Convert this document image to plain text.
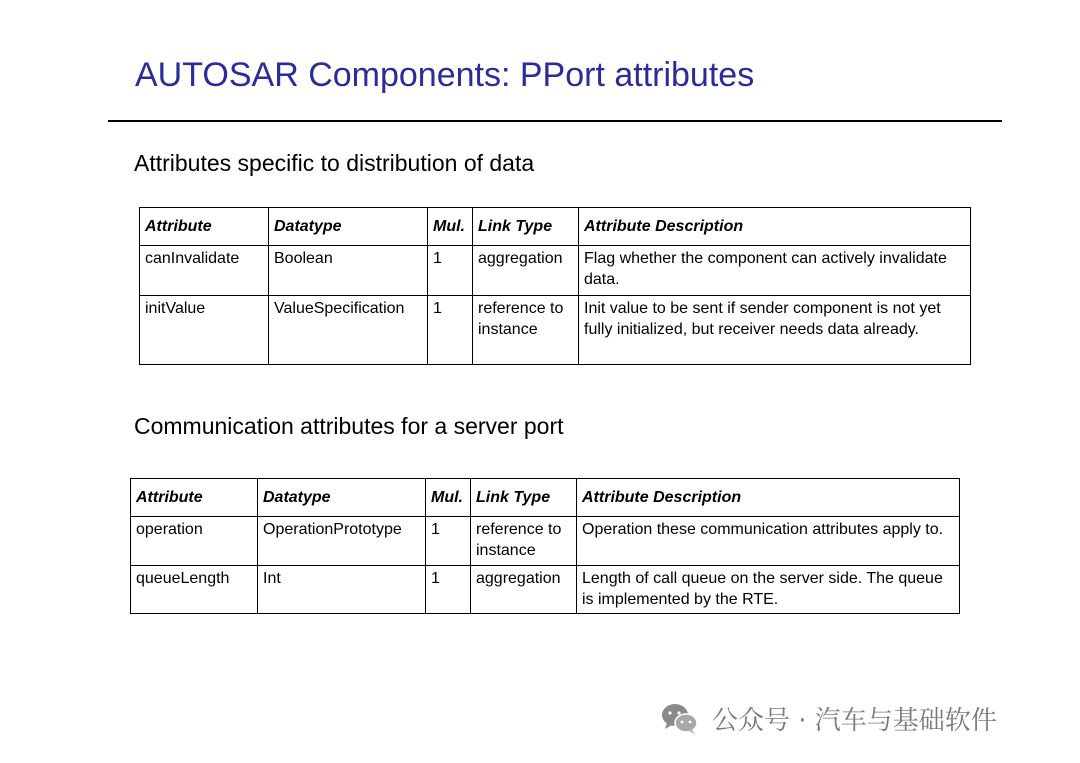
AUTOSAR Components: PPort attributes
Attributes specific to distribution of data
Attribute	Datatype	Mul.	Link Type	Attribute Description
canInvalidate	Boolean	1	aggregation	Flag whether the component can actively invalidate data.
initValue	ValueSpecification	1	reference to instance	Init value to be sent if sender component is not yet fully initialized, but receiver needs data already.
Communication attributes for a server port
Attribute	Datatype	Mul.	Link Type	Attribute Description
operation	OperationPrototype	1	reference to instance	Operation these communication attributes apply to.
queueLength	Int	1	aggregation	Length of call queue on the server side. The queue is implemented by the RTE.
公众号 · 汽车与基础软件
